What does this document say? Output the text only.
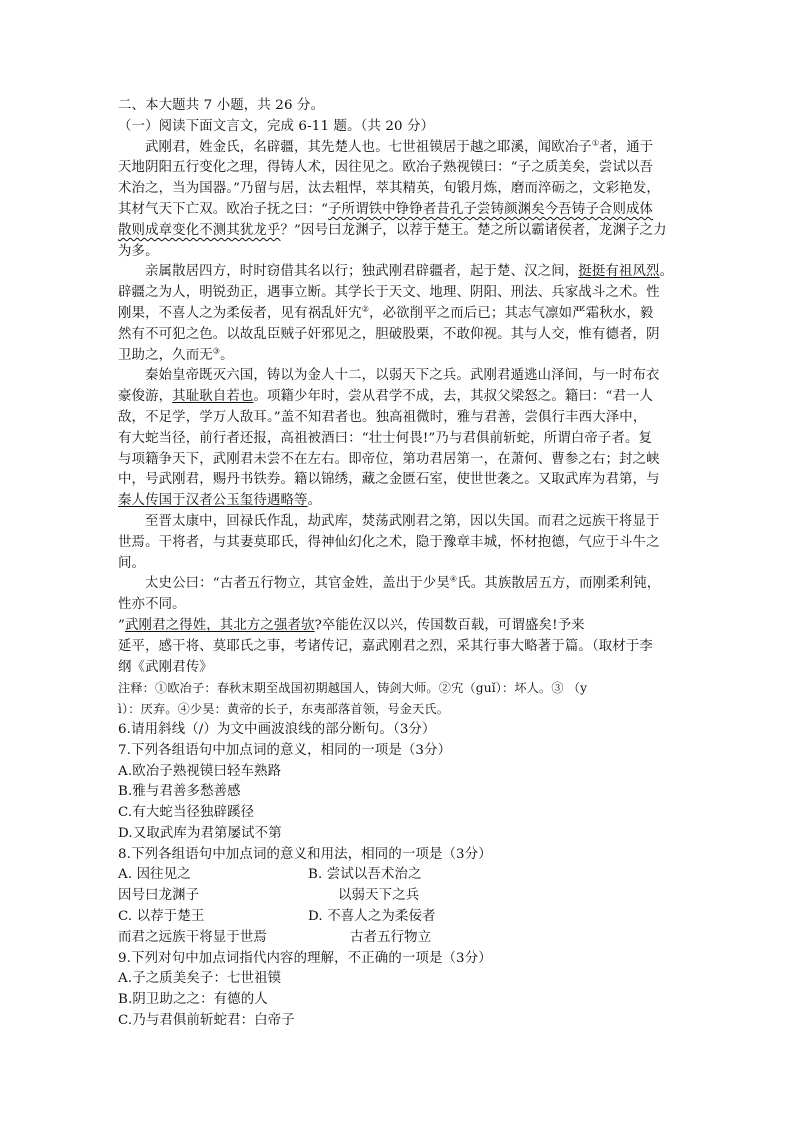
二、本大题共 7 小题，共 26 分。
（一）阅读下面文言文，完成 6-11 题。（共 20 分）
武刚君，姓金氏，名辟疆，其先楚人也。七世祖镆居于越之耶溪，闻欧冶子①者，通于
天地阴阳五行变化之理，得铸人术，因往见之。欧冶子熟视镆曰：“子之质美矣，尝试以吾
术治之，当为国器。”乃留与居，汰去粗悍，萃其精英，旬锻月炼，磨而淬砺之，文彩艳发，
其材气天下亡双。欧冶子抚之曰：“子所谓铁中铮铮者昔孔子尝铸颜渊矣今吾铸子合则成体
散则成章变化不测其犹龙乎？”因号曰龙渊子，以荐于楚王。楚之所以霸诸侯者，龙渊子之力
为多。
亲属散居四方，时时窃借其名以行；独武刚君辟疆者，起于楚、汉之间，挺挺有祖风烈。
辟疆之为人，明锐劲正，遇事立断。其学长于天文、地理、阴阳、刑法、兵家战斗之术。性
刚果，不喜人之为柔佞者，见有祸乱奸宄②，必欲削平之而后已；其志气凛如严霜秋水，毅
然有不可犯之色。以故乱臣贼子奸邪见之，胆破股栗，不敢仰视。其与人交，惟有德者，阴
卫助之，久而无③。
秦始皇帝既灭六国，铸以为金人十二，以弱天下之兵。武刚君遁逃山泽间，与一时布衣
豪俊游，其耻耿自若也。项籍少年时，尝从君学不成，去，其叔父梁怒之。籍曰：“君一人
敌，不足学，学万人敌耳。”盖不知君者也。独高祖微时，雅与君善，尝俱行丰西大泽中，
有大蛇当径，前行者还报，高祖被酒曰：“壮士何畏!”乃与君俱前斩蛇，所谓白帝子者。复
与项籍争天下，武刚君未尝不在左右。即帝位，第功君居第一，在萧何、曹参之右；封之峡
中，号武刚君，赐丹书铁券。籍以锦绣，藏之金匮石室，使世世袭之。又取武库为君第，与
秦人传国于汉者公玉玺待遇略等。
至晋太康中，回禄氏作乱，劫武库，焚荡武刚君之第，因以失国。而君之远族干将显于
世焉。干将者，与其妻莫耶氏，得神仙幻化之术，隐于豫章丰城，怀材抱德，气应于斗牛之
间。
太史公曰：“古者五行物立，其官金姓，盖出于少昊④氏。其族散居五方，而刚柔利钝，
性亦不同。
”武刚君之得姓，其北方之强者欤?卒能佐汉以兴，传国数百载，可谓盛矣!予来
延平，感干将、莫耶氏之事，考诸传记，嘉武刚君之烈，采其行事大略著于篇。（取材于李
纲《武刚君传》
注释：①欧冶子：春秋末期至战国初期越国人，铸剑大师。②宄（guǐ）：坏人。③ （y
ì）：厌弃。④少昊：黄帝的长子，东夷部落首领，号金天氏。
6.请用斜线（/）为文中画波浪线的部分断句。（3分）
7.下列各组语句中加点词的意义，相同的一项是（3分）
A.欧冶子熟视镆曰轻车熟路
B.雅与君善多愁善感
C.有大蛇当径独辟蹊径
D.又取武库为君第屡试不第
8.下列各组语句中加点词的意义和用法，相同的一项是（3分）
A. 因往见之	B. 尝试以吾术治之
因号曰龙渊子	以弱天下之兵
C. 以荐于楚王	D. 不喜人之为柔佞者
而君之远族干将显于世焉	古者五行物立
9.下列对句中加点词指代内容的理解，不正确的一项是（3分）
A.子之质美矣子：七世祖镆
B.阴卫助之之：有德的人
C.乃与君俱前斩蛇君：白帝子
